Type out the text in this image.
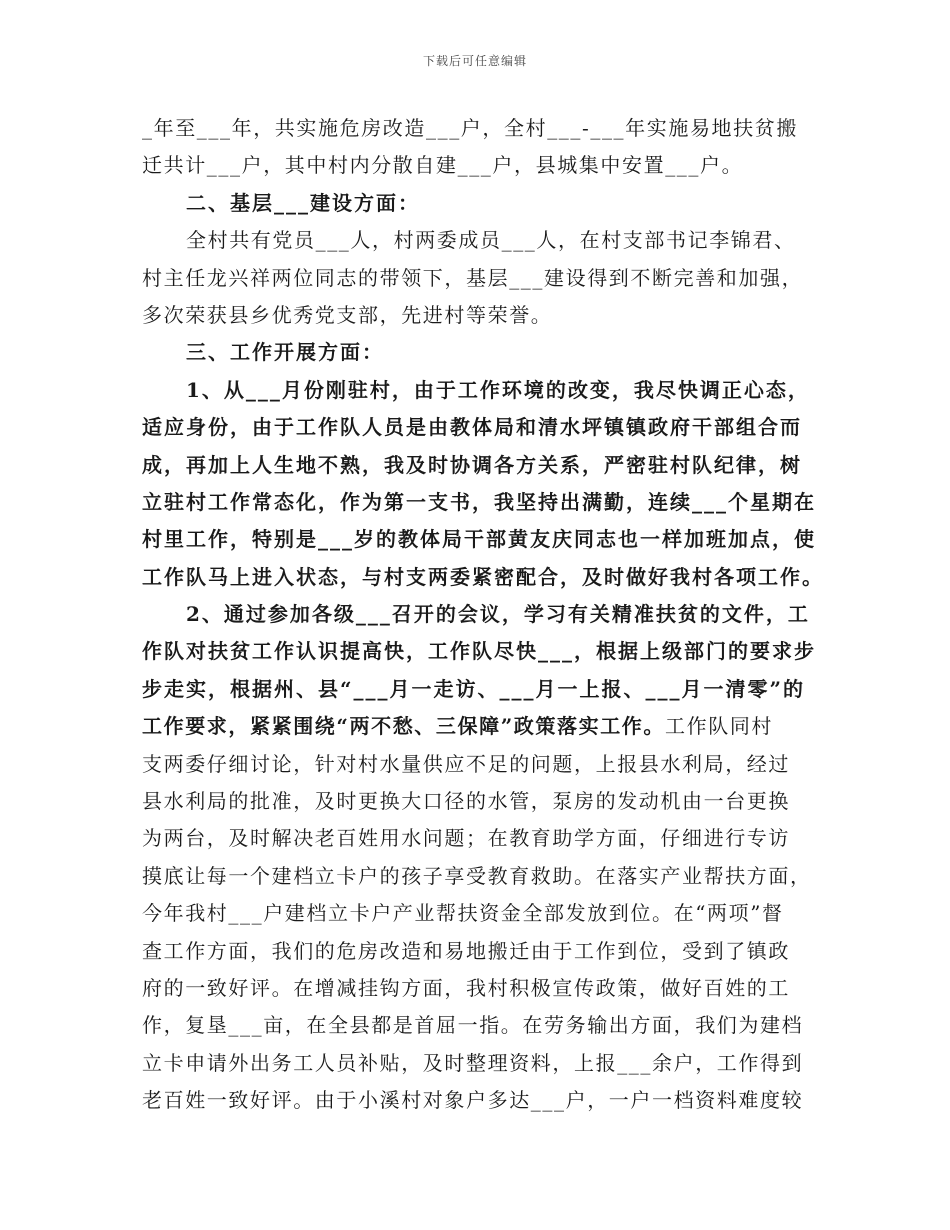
下载后可任意编辑
_年至___年，共实施危房改造___户，全村___-___年实施易地扶贫搬
迁共计___户，其中村内分散自建___户，县城集中安置___户。
二、基层___建设方面：
全村共有党员___人，村两委成员___人，在村支部书记李锦君、
村主任龙兴祥两位同志的带领下，基层___建设得到不断完善和加强，
多次荣获县乡优秀党支部，先进村等荣誉。
三、工作开展方面：
1、从___月份刚驻村，由于工作环境的改变，我尽快调正心态，
适应身份，由于工作队人员是由教体局和清水坪镇镇政府干部组合而
成，再加上人生地不熟，我及时协调各方关系，严密驻村队纪律，树
立驻村工作常态化，作为第一支书，我坚持出满勤，连续___个星期在
村里工作，特别是___岁的教体局干部黄友庆同志也一样加班加点，使
工作队马上进入状态，与村支两委紧密配合，及时做好我村各项工作。
2、通过参加各级___召开的会议，学习有关精准扶贫的文件，工
作队对扶贫工作认识提高快，工作队尽快___，根据上级部门的要求步
步走实，根据州、县“___月一走访、___月一上报、___月一清零”的
工作要求，紧紧围绕“两不愁、三保障”政策落实工作。工作队同村
支两委仔细讨论，针对村水量供应不足的问题，上报县水利局，经过
县水利局的批准，及时更换大口径的水管，泵房的发动机由一台更换
为两台，及时解决老百姓用水问题；在教育助学方面，仔细进行专访
摸底让每一个建档立卡户的孩子享受教育救助。在落实产业帮扶方面，
今年我村___户建档立卡户产业帮扶资金全部发放到位。在“两项”督
查工作方面，我们的危房改造和易地搬迁由于工作到位，受到了镇政
府的一致好评。在增减挂钩方面，我村积极宣传政策，做好百姓的工
作，复垦___亩，在全县都是首屈一指。在劳务输出方面，我们为建档
立卡申请外出务工人员补贴，及时整理资料，上报___余户，工作得到
老百姓一致好评。由于小溪村对象户多达___户，一户一档资料难度较
